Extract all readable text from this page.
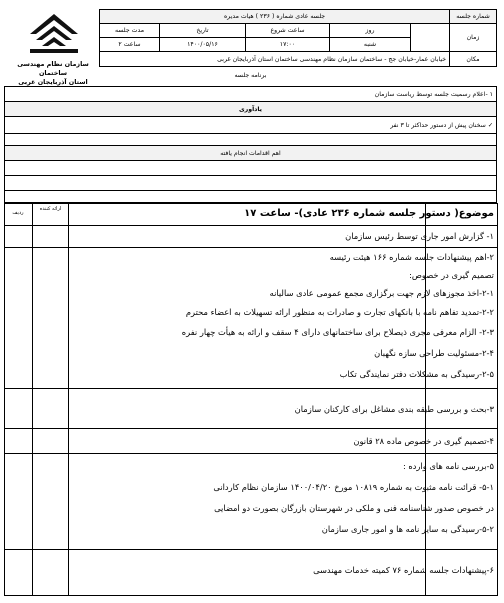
سازمان نظام مهندسی ساختمان
استان آذربایجان غربی
جلسه عادی شماره ( ۲۳۶ ) هیات مدیره					شماره جلسه
مدت جلسه	تاریخ	ساعت شروع	روز		زمان
۲ ساعت	۱۴۰۰/۰۵/۱۶	۱۷:۰۰	شنبه		
خیابان عمار-خیابان جج - ساختمان سازمان نظام مهندسی ساختمان استان آذربایجان غربی					مکان
برنامه جلسه
۱ -اعلام رسمیت جلسه توسط ریاست سازمان
یادآوری
✓ سخنان پیش از دستور حداکثر تا ۳ نفر

اهم اقدامات انجام یافته

ردیف
ارائه کننده	موضوع( دستور جلسه شماره ۲۳۶ عادی)- ساعت ۱۷
۱- گزارش امور جاری توسط رئیس سازمان
۲-اهم پیشنهادات جلسه شماره ۱۶۶ هیئت رئیسه
تصمیم گیری در خصوص:
۲-۱-اخذ مجوزهای لازم جهت برگزاری مجمع عمومی عادی سالیانه
۲-۲-تمدید تفاهم نامه با بانکهای تجارت و صادرات به منظور ارائه تسهیلات به اعضاء محترم
۲-۳- الزام معرفی مجری ذیصلاح برای ساختمانهای دارای ۴ سقف و ارائه به هیأت چهار نفره
۲-۴-مسئولیت طراحی سازه نگهبان
۲-۵-رسیدگی به مشکلات دفتر نمایندگی تکاب
۳-بحث و بررسی طبقه بندی مشاغل برای کارکنان سازمان
۴-تصمیم گیری در خصوص ماده ۲۸ قانون
۵-بررسی نامه های وارده :
۵-۱- قرائت نامه مثبوت به شماره ۱۰۸۱۹ مورخ ۱۴۰۰/۰۴/۲۰ سازمان نظام کاردانی
در خصوص صدور شناسنامه فنی و ملکی در شهرستان بازرگان بصورت دو امضایی
۵-۲-رسیدگی به سایر نامه ها و امور جاری سازمان
۶-پیشنهادات جلسه شماره ۷۶ کمیته خدمات مهندسی
